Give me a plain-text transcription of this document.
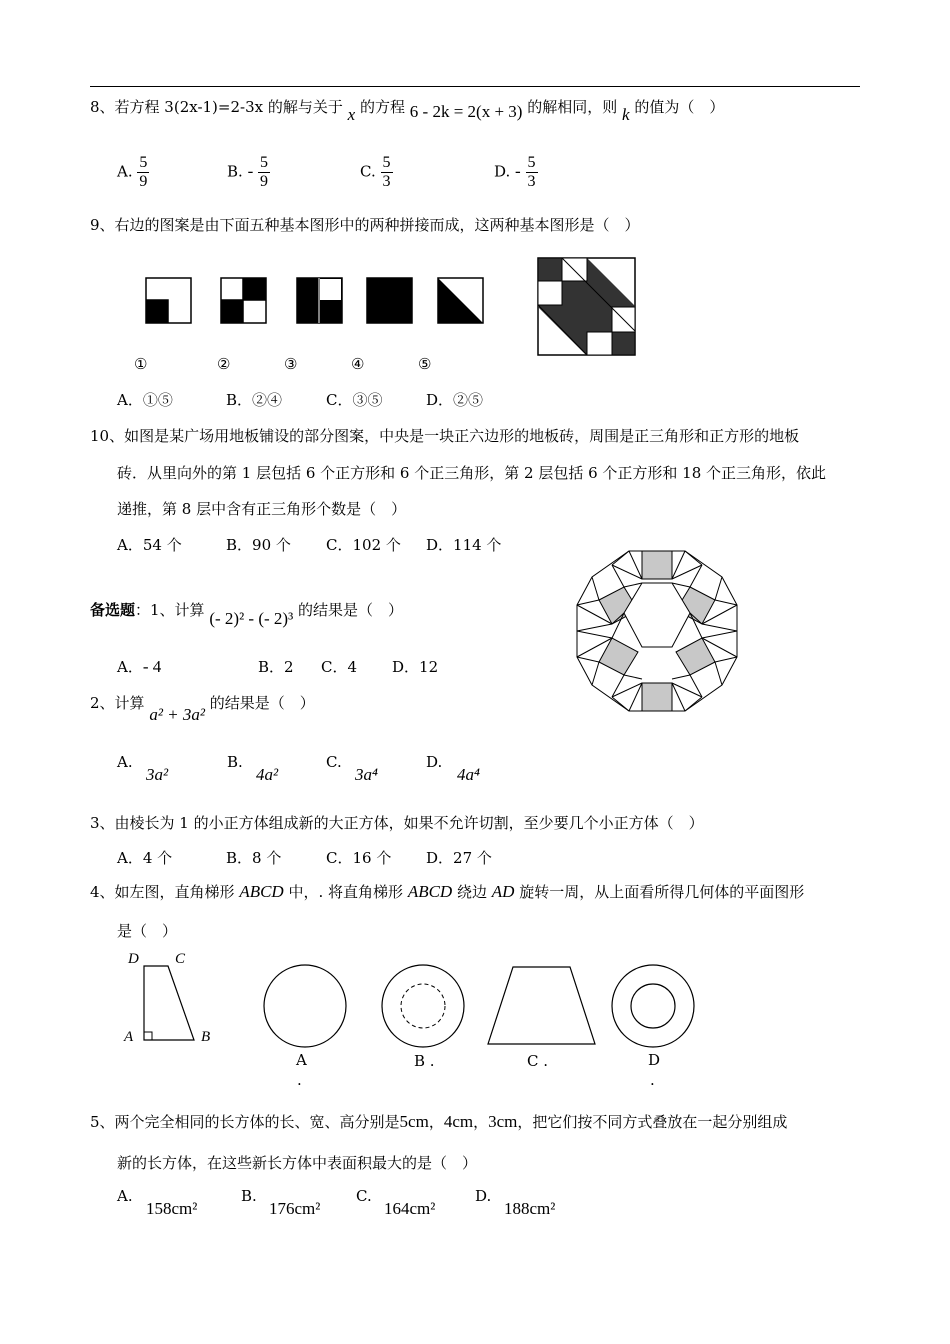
8、若方程 3(2x-1)=2-3x 的解与关于 x 的方程 6 - 2k = 2(x + 3) 的解相同，则 k 的值为（　）
A. $\frac{5}{9}$	B. - $\frac{5}{9}$	C. $\frac{5}{3}$	D. - $\frac{5}{3}$
9、右边的图案是由下面五种基本图形中的两种拼接而成，这两种基本图形是（　）
①	②	③	④	⑤
A．①⑤	B．②④	C．③⑤	D．②⑤
10、如图是某广场用地板铺设的部分图案，中央是一块正六边形的地板砖，周围是正三角形和正方形的地板
砖．从里向外的第 1 层包括 6 个正方形和 6 个正三角形，第 2 层包括 6 个正方形和 18 个正三角形，依此
递推，第 8 层中含有正三角形个数是（　）
A．54 个	B．90 个 C．102 个 D．114 个
备选题：1、计算 (- 2)² - (- 2)³ 的结果是（　）
A．- 4	B．2 C．4 D．12
2、计算 a² + 3a² 的结果是（　）
A.
3a²
B.
4a²
C.
3a⁴
D.
4a⁴
3、由棱长为 1 的小正方体组成新的大正方体，如果不允许切割，至少要几个小正方体（　）
A．4 个	B．8 个	C．16 个 D．27 个
4、如左图，直角梯形 ABCD 中，. 将直角梯形 ABCD 绕边 AD 旋转一周，从上面看所得几何体的平面图形
是（　）
D C
A	B
A
.
B .	C .	D
.
5、两个完全相同的长方体的长、宽、高分别是5cm，4cm，3cm，把它们按不同方式叠放在一起分别组成
新的长方体，在这些新长方体中表面积最大的是（　）
A.
158cm²
B.
176cm²
C.
164cm²
D.
188cm²
